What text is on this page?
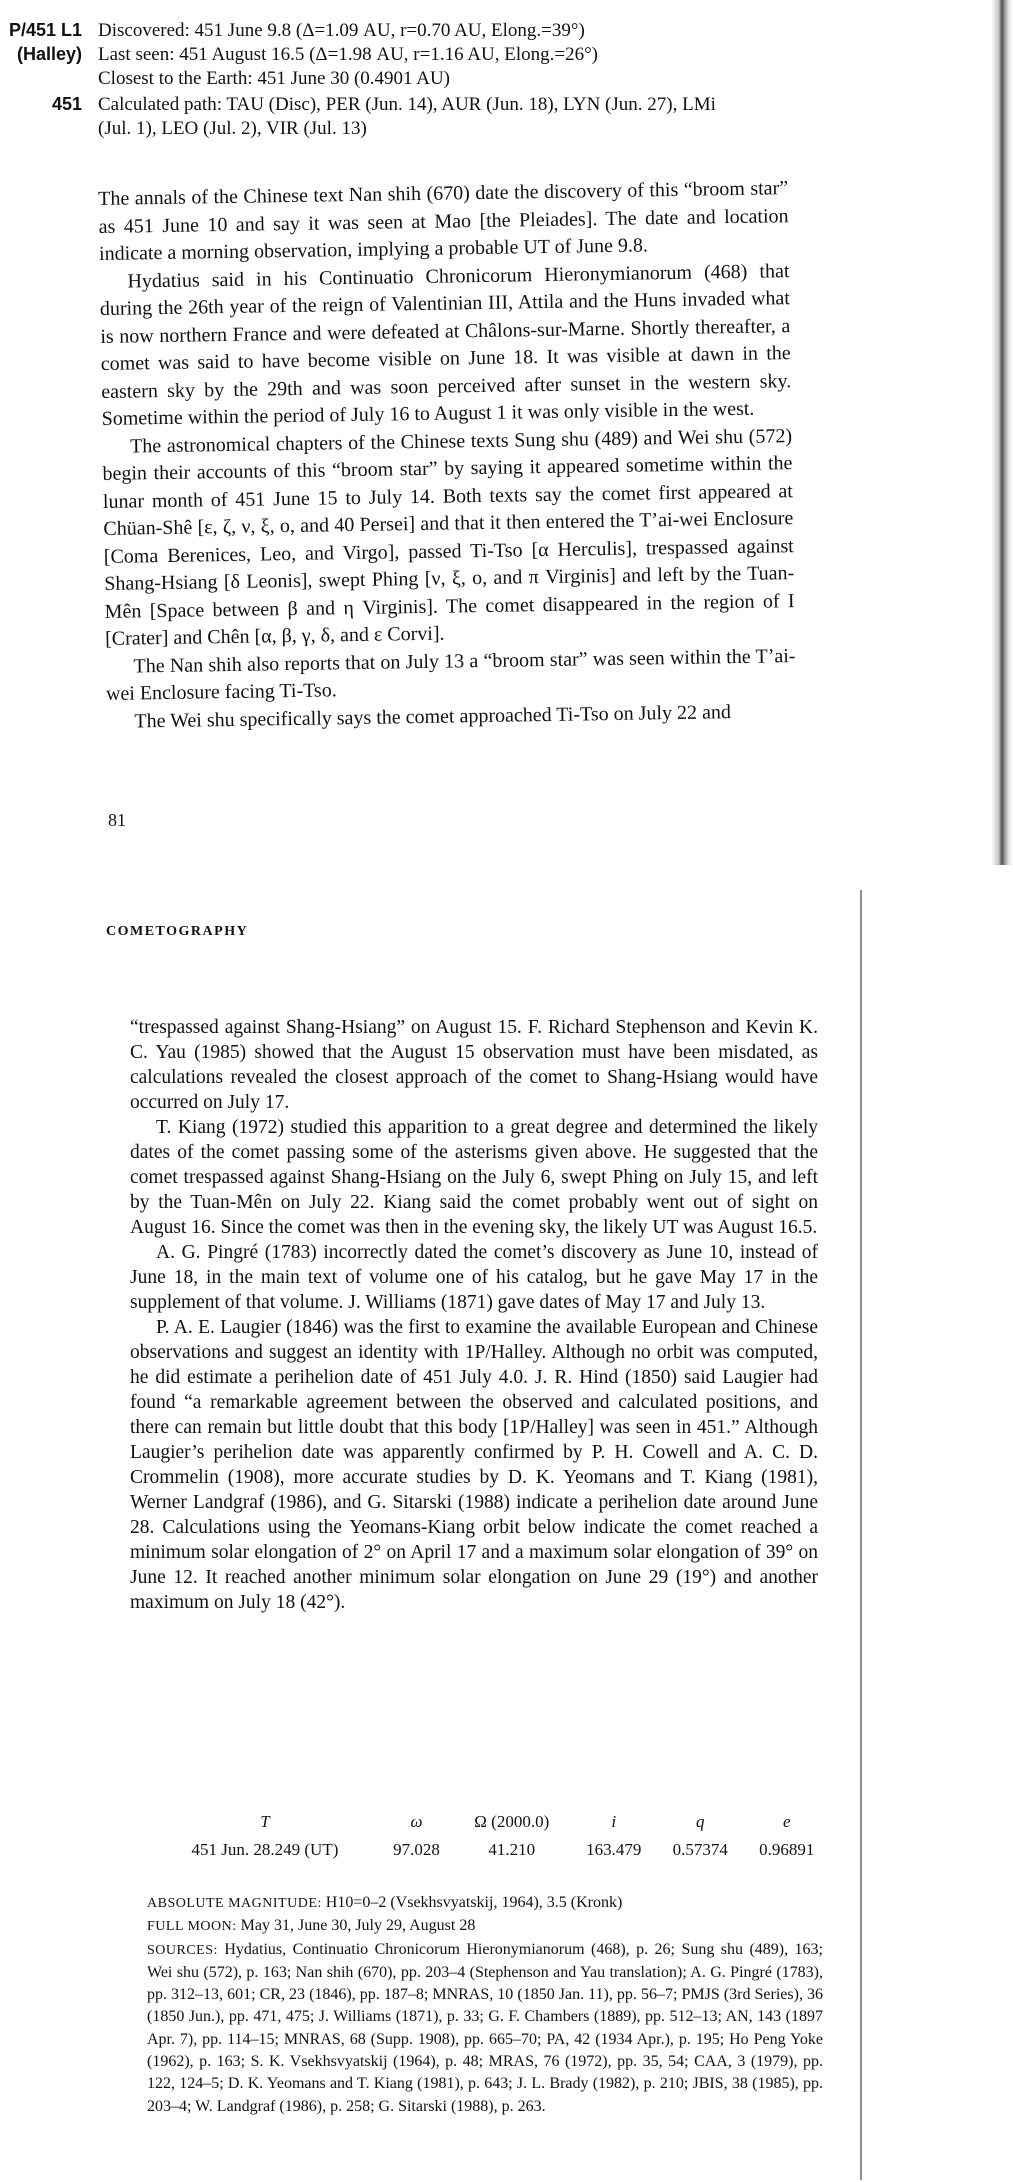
P/451 L1 Discovered: 451 June 9.8 (Δ=1.09 AU, r=0.70 AU, Elong.=39°)
(Halley) Last seen: 451 August 16.5 (Δ=1.98 AU, r=1.16 AU, Elong.=26°)
Closest to the Earth: 451 June 30 (0.4901 AU)
451 Calculated path: TAU (Disc), PER (Jun. 14), AUR (Jun. 18), LYN (Jun. 27), LMi
(Jul. 1), LEO (Jul. 2), VIR (Jul. 13)

The annals of the Chinese text Nan shih (670) date the discovery of this “broom star” as 451 June 10 and say it was seen at Mao [the Pleiades]. The date and location indicate a morning observation, implying a probable UT of June 9.8.

Hydatius said in his Continuatio Chronicorum Hieronymianorum (468) that during the 26th year of the reign of Valentinian III, Attila and the Huns invaded what is now northern France and were defeated at Châlons-sur-Marne. Shortly thereafter, a comet was said to have become visible on June 18. It was visible at dawn in the eastern sky by the 29th and was soon perceived after sunset in the western sky. Sometime within the period of July 16 to August 1 it was only visible in the west.

The astronomical chapters of the Chinese texts Sung shu (489) and Wei shu (572) begin their accounts of this “broom star” by saying it appeared sometime within the lunar month of 451 June 15 to July 14. Both texts say the comet first appeared at Chüan-Shê [ε, ζ, ν, ξ, ο, and 40 Persei] and that it then entered the T’ai-wei Enclosure [Coma Berenices, Leo, and Virgo], passed Ti-Tso [α Herculis], trespassed against Shang-Hsiang [δ Leonis], swept Phing [ν, ξ, ο, and π Virginis] and left by the Tuan-Mên [Space between β and η Virginis]. The comet disappeared in the region of I [Crater] and Chên [α, β, γ, δ, and ε Corvi].

The Nan shih also reports that on July 13 a “broom star” was seen within the T’ai-wei Enclosure facing Ti-Tso.

The Wei shu specifically says the comet approached Ti-Tso on July 22 and

81
COMETOGRAPHY

“trespassed against Shang-Hsiang” on August 15. F. Richard Stephenson and Kevin K. C. Yau (1985) showed that the August 15 observation must have been misdated, as calculations revealed the closest approach of the comet to Shang-Hsiang would have occurred on July 17.

T. Kiang (1972) studied this apparition to a great degree and determined the likely dates of the comet passing some of the asterisms given above. He suggested that the comet trespassed against Shang-Hsiang on the July 6, swept Phing on July 15, and left by the Tuan-Mên on July 22. Kiang said the comet probably went out of sight on August 16. Since the comet was then in the evening sky, the likely UT was August 16.5.

A. G. Pingré (1783) incorrectly dated the comet’s discovery as June 10, instead of June 18, in the main text of volume one of his catalog, but he gave May 17 in the supplement of that volume. J. Williams (1871) gave dates of May 17 and July 13.

P. A. E. Laugier (1846) was the first to examine the available European and Chinese observations and suggest an identity with 1P/Halley. Although no orbit was computed, he did estimate a perihelion date of 451 July 4.0. J. R. Hind (1850) said Laugier had found “a remarkable agreement between the observed and calculated positions, and there can remain but little doubt that this body [1P/Halley] was seen in 451.” Although Laugier’s perihelion date was apparently confirmed by P. H. Cowell and A. C. D. Crommelin (1908), more accurate studies by D. K. Yeomans and T. Kiang (1981), Werner Landgraf (1986), and G. Sitarski (1988) indicate a perihelion date around June 28. Calculations using the Yeomans-Kiang orbit below indicate the comet reached a minimum solar elongation of 2° on April 17 and a maximum solar elongation of 39° on June 12. It reached another minimum solar elongation on June 29 (19°) and another maximum on July 18 (42°).

T	ω	Ω (2000.0)	i	q	e
451 Jun. 28.249 (UT)	97.028	41.210	163.479	0.57374	0.96891

ABSOLUTE MAGNITUDE: H10=0–2 (Vsekhsvyatskij, 1964), 3.5 (Kronk)

FULL MOON: May 31, June 30, July 29, August 28

SOURCES: Hydatius, Continuatio Chronicorum Hieronymianorum (468), p. 26; Sung shu (489), 163; Wei shu (572), p. 163; Nan shih (670), pp. 203–4 (Stephenson and Yau translation); A. G. Pingré (1783), pp. 312–13, 601; CR, 23 (1846), pp. 187–8; MNRAS, 10 (1850 Jan. 11), pp. 56–7; PMJS (3rd Series), 36 (1850 Jun.), pp. 471, 475; J. Williams (1871), p. 33; G. F. Chambers (1889), pp. 512–13; AN, 143 (1897 Apr. 7), pp. 114–15; MNRAS, 68 (Supp. 1908), pp. 665–70; PA, 42 (1934 Apr.), p. 195; Ho Peng Yoke (1962), p. 163; S. K. Vsekhsvyatskij (1964), p. 48; MRAS, 76 (1972), pp. 35, 54; CAA, 3 (1979), pp. 122, 124–5; D. K. Yeomans and T. Kiang (1981), p. 643; J. L. Brady (1982), p. 210; JBIS, 38 (1985), pp. 203–4; W. Landgraf (1986), p. 258; G. Sitarski (1988), p. 263.
